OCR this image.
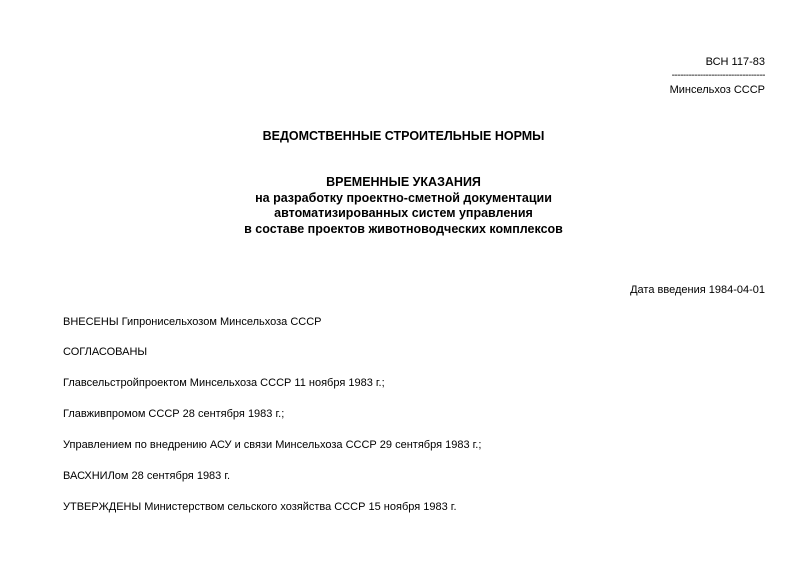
ВСН 117-83
---------------------------------
Минсельхоз СССР
ВЕДОМСТВЕННЫЕ СТРОИТЕЛЬНЫЕ НОРМЫ
ВРЕМЕННЫЕ УКАЗАНИЯ
на разработку проектно-сметной документации
автоматизированных систем управления
в составе проектов животноводческих комплексов
Дата введения 1984-04-01
ВНЕСЕНЫ Гипронисельхозом Минсельхоза СССР
СОГЛАСОВАНЫ
Главсельстройпроектом Минсельхоза СССР 11 ноября 1983 г.;
Главживпромом СССР 28 сентября 1983 г.;
Управлением по внедрению АСУ и связи Минсельхоза СССР 29 сентября 1983 г.;
ВАСХНИЛом 28 сентября 1983 г.
УТВЕРЖДЕНЫ Министерством сельского хозяйства СССР 15 ноября 1983 г.
